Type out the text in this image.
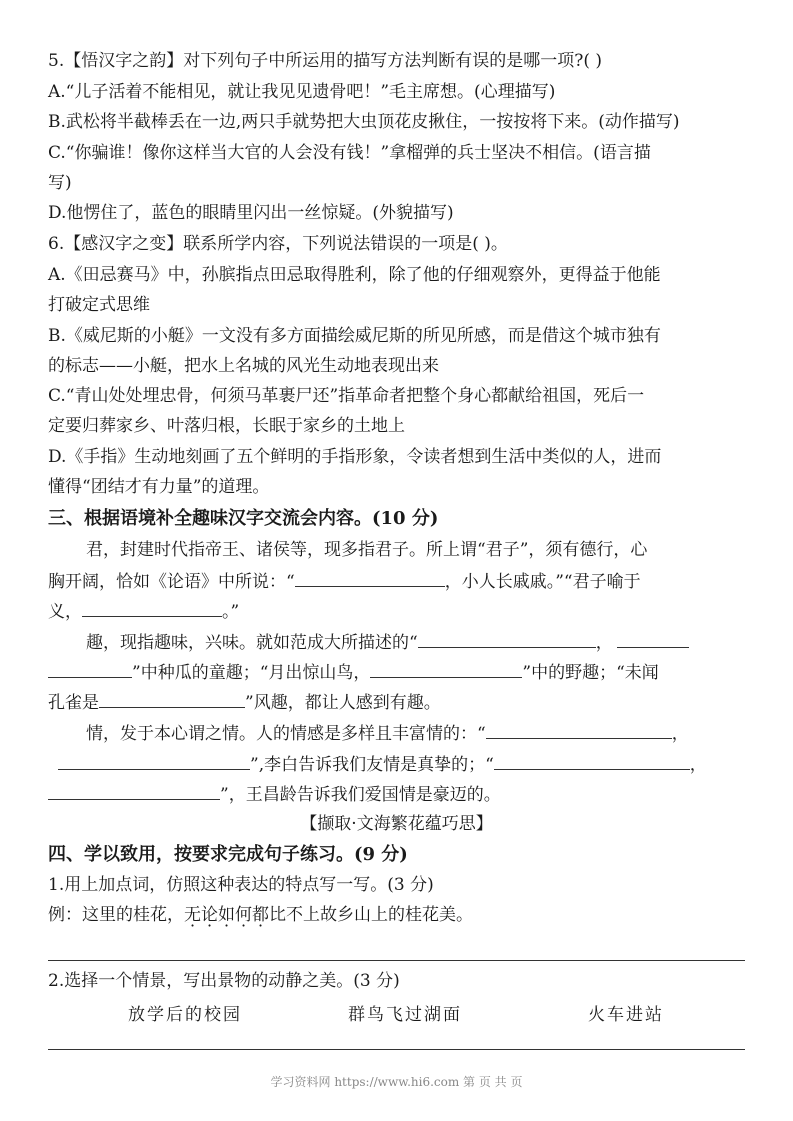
5.【悟汉字之韵】对下列句子中所运用的描写方法判断有误的是哪一项?( )
A.“儿子活着不能相见，就让我见见遗骨吧！”毛主席想。(心理描写)
B.武松将半截棒丢在一边,两只手就势把大虫顶花皮揪住，一按按将下来。(动作描写)
C.“你骗谁！像你这样当大官的人会没有钱！”拿榴弹的兵士坚决不相信。(语言描
写)
D.他愣住了，蓝色的眼睛里闪出一丝惊疑。(外貌描写)
6.【感汉字之变】联系所学内容，下列说法错误的一项是( )。
A.《田忌赛马》中，孙膑指点田忌取得胜利，除了他的仔细观察外，更得益于他能
打破定式思维
B.《威尼斯的小艇》一文没有多方面描绘威尼斯的所见所感，而是借这个城市独有
的标志——小艇，把水上名城的风光生动地表现出来
C.“青山处处埋忠骨，何须马革裹尸还”指革命者把整个身心都献给祖国，死后一
定要归葬家乡、叶落归根，长眠于家乡的土地上
D.《手指》生动地刻画了五个鲜明的手指形象，令读者想到生活中类似的人，进而
懂得“团结才有力量”的道理。
三、根据语境补全趣味汉字交流会内容。(10 分)
君，封建时代指帝王、诸侯等，现多指君子。所上谓“君子”，须有德行，心
胸开阔，恰如《论语》中所说：“	，小人长戚戚。”“君子喻于
义，	。”
趣，现指趣味，兴味。就如范成大所描述的“	，
”中种瓜的童趣；“月出惊山鸟，	”中的野趣；“未闻
孔雀是	”风趣，都让人感到有趣。
情，发于本心谓之情。人的情感是多样且丰富情的：“	，
”,李白告诉我们友情是真挚的；“	，
”，王昌龄告诉我们爱国情是豪迈的。
【撷取·文海繁花蕴巧思】
四、学以致用，按要求完成句子练习。(9 分)
1.用上加点词，仿照这种表达的特点写一写。(3 分)
例：这里的桂花，无论如何都比不上故乡山上的桂花美。
2.选择一个情景，写出景物的动静之美。(3 分)
放学后的校园	群鸟飞过湖面	火车进站
学习资料网 https://www.hi6.com 第 页 共 页
